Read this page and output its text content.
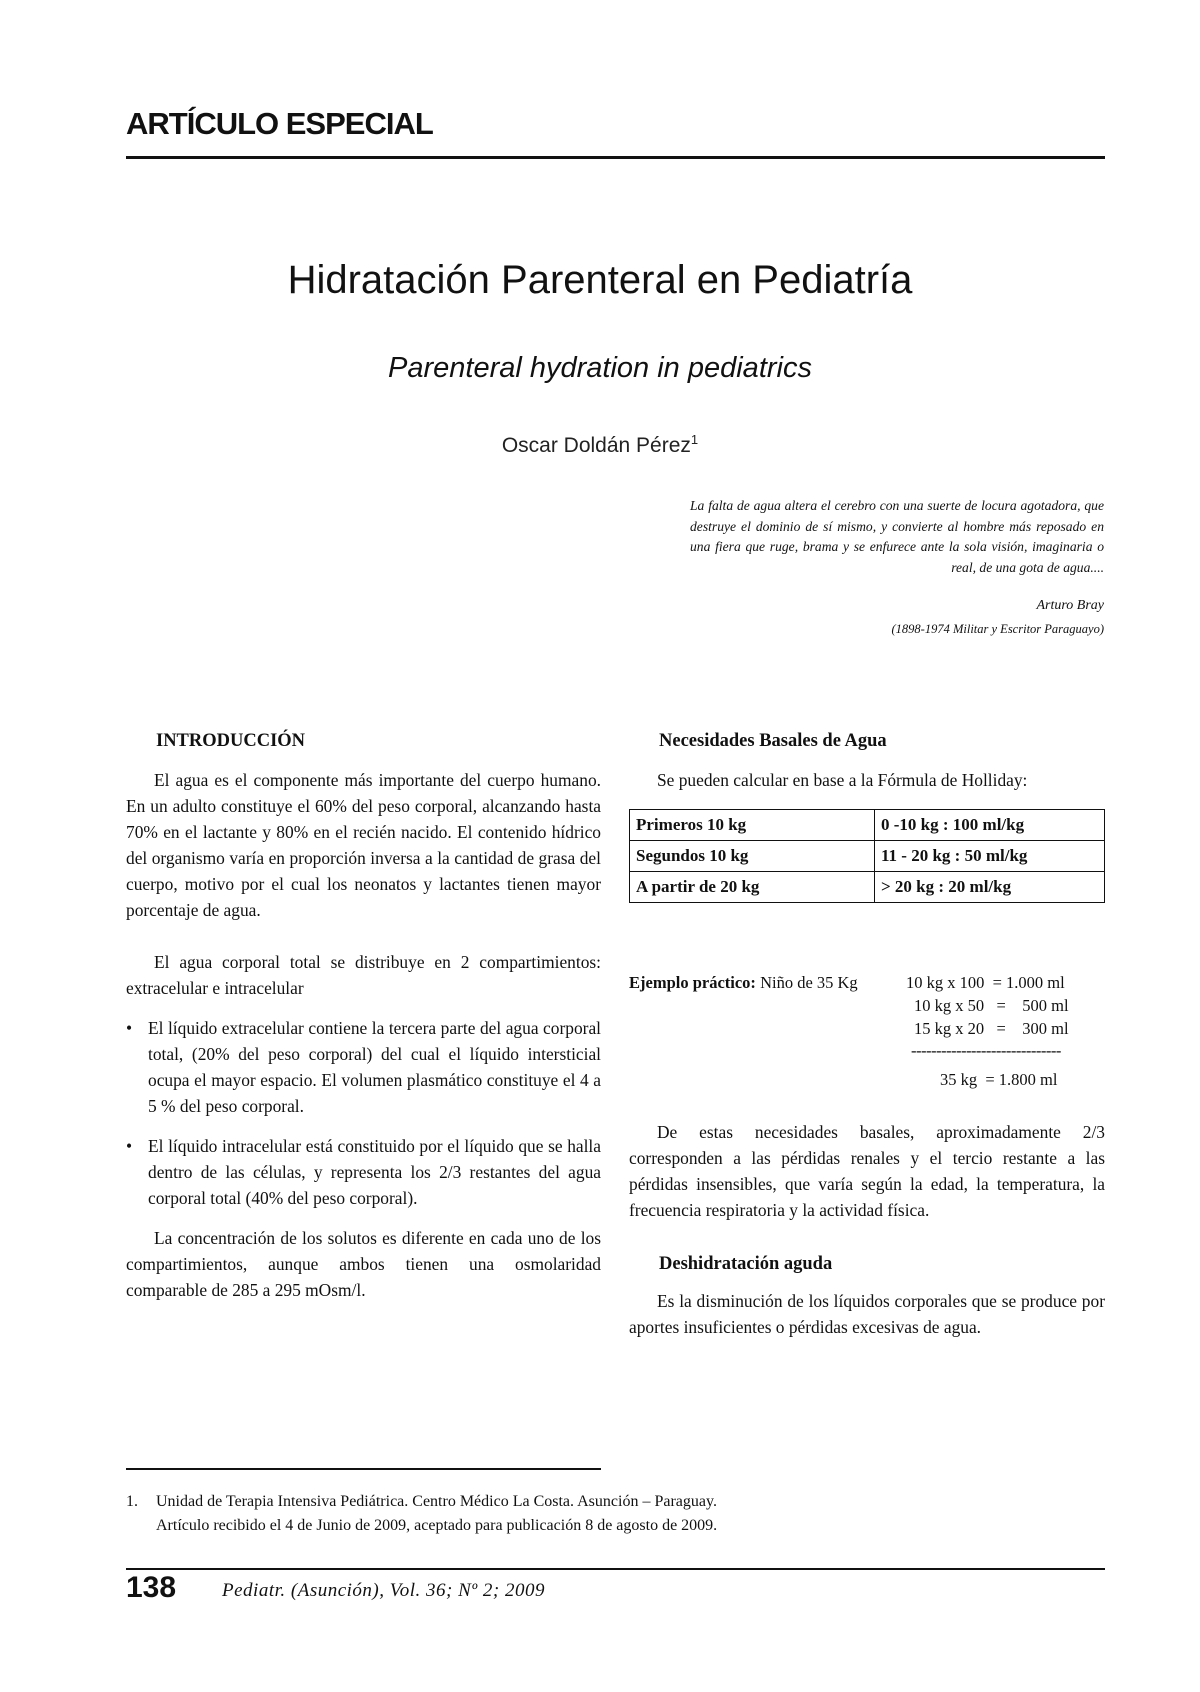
ARTÍCULO ESPECIAL
Hidratación Parenteral en Pediatría
Parenteral hydration in pediatrics
Oscar Doldán Pérez$^1$
La falta de agua altera el cerebro con una suerte de locura agotadora, que destruye el dominio de sí mismo, y convierte al hombre más reposado en una fiera que ruge, brama y se enfurece ante la sola visión, imaginaria o real, de una gota de agua....
Arturo Bray
(1898-1974 Militar y Escritor Paraguayo)
INTRODUCCIÓN

El agua es el componente más importante del cuerpo humano. En un adulto constituye el 60% del peso corporal, alcanzando hasta 70% en el lactante y 80% en el recién nacido. El contenido hídrico del organismo varía en proporción inversa a la cantidad de grasa del cuerpo, motivo por el cual los neonatos y lactantes tienen mayor porcentaje de agua.

El agua corporal total se distribuye en 2 compartimientos: extracelular e intracelular

• El líquido extracelular contiene la tercera parte del agua corporal total, (20% del peso corporal) del cual el líquido intersticial ocupa el mayor espacio. El volumen plasmático constituye el 4 a 5 % del peso corporal.
• El líquido intracelular está constituido por el líquido que se halla dentro de las células, y representa los 2/3 restantes del agua corporal total (40% del peso corporal).

La concentración de los solutos es diferente en cada uno de los compartimientos, aunque ambos tienen una osmolaridad comparable de 285 a 295 mOsm/l.

Necesidades Basales de Agua

Se pueden calcular en base a la Fórmula de Holliday:

Primeros 10 kg	0 -10 kg : 100 ml/kg
Segundos 10 kg	11 - 20 kg : 50 ml/kg
A partir de 20 kg	> 20 kg : 20 ml/kg
Ejemplo práctico: Niño de 35 Kg	10 kg x 100  = 1.000 ml
10 kg x 50   =    500 ml
15 kg x 20   =    300 ml
------------------------------
35 kg  = 1.800 ml

De estas necesidades basales, aproximadamente 2/3 corresponden a las pérdidas renales y el tercio restante a las pérdidas insensibles, que varía según la edad, la temperatura, la frecuencia respiratoria y la actividad física.

Deshidratación aguda

Es la disminución de los líquidos corporales que se produce por aportes insuficientes o pérdidas excesivas de agua.

1. Unidad de Terapia Intensiva Pediátrica. Centro Médico La Costa. Asunción – Paraguay.
Artículo recibido el 4 de Junio de 2009, aceptado para publicación 8 de agosto de 2009.
138 Pediatr. (Asunción), Vol. 36; Nº 2; 2009
